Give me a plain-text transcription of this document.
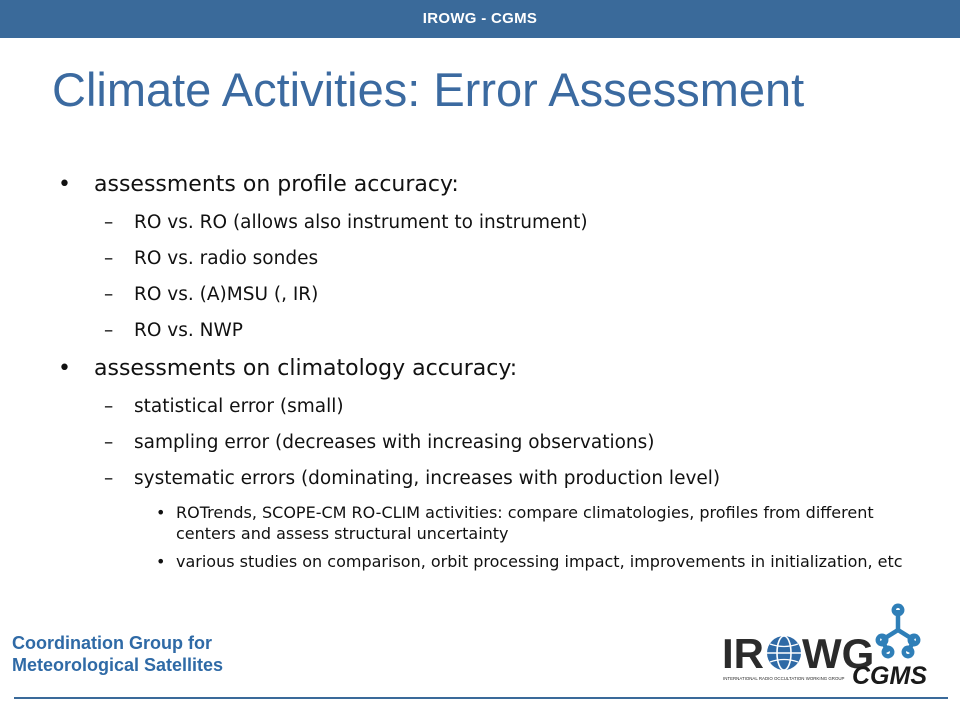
IROWG - CGMS
Climate Activities: Error Assessment
• assessments on profile accuracy:
– RO vs. RO (allows also instrument to instrument)
– RO vs. radio sondes
– RO vs. (A)MSU (, IR)
– RO vs. NWP
• assessments on climatology accuracy:
– statistical error (small)
– sampling error (decreases with increasing observations)
– systematic errors (dominating, increases with production level)
• ROTrends, SCOPE-CM RO-CLIM activities: compare climatologies, profiles from different centers and assess structural uncertainty
• various studies on comparison, orbit processing impact, improvements in initialization, etc
Coordination Group for
Meteorological Satellites	IR WG
INTERNATIONAL RADIO OCCULTATION WORKING GROUP CGMS
